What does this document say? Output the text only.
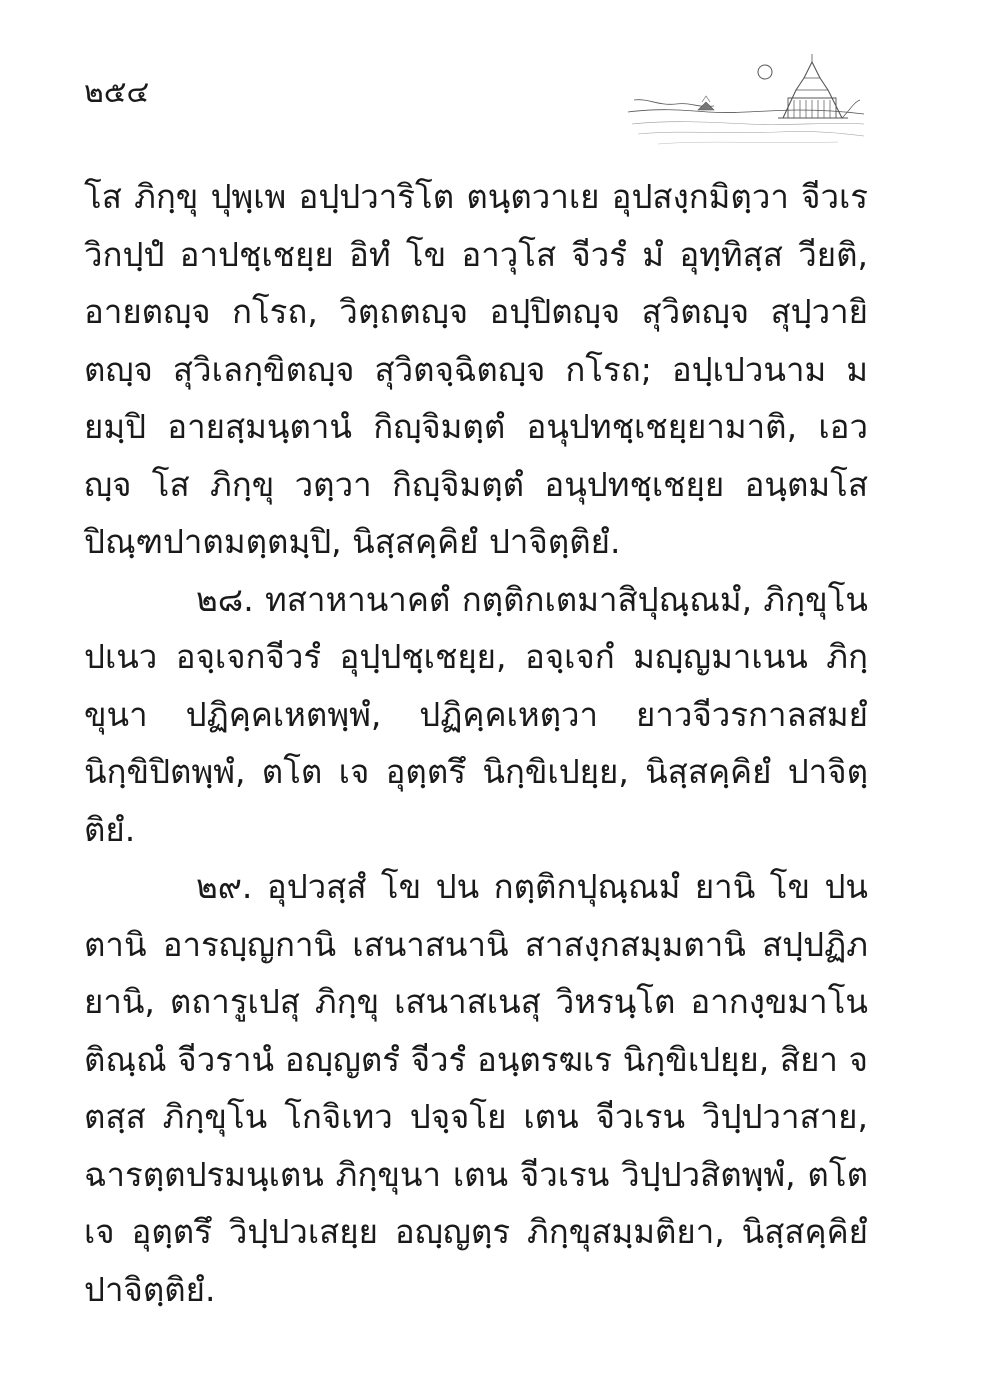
๒๕๔

โส ภิกฺขุ ปุพฺเพ อปฺปวาริโต ตนฺตวาเย อุปสงฺกมิตฺวา จีวเร วิกปฺปํ อาปชฺเชยฺย อิทํ โข อาวุโส จีวรํ มํ อุทฺทิสฺส วียติ, อายตญฺจ กโรถ, วิตฺถตญฺจ อปฺปิตญฺจ สุวิตญฺจ สุปฺวายิตญฺจ สุวิเลกฺขิตญฺจ สุวิตจฺฉิตญฺจ กโรถ; อปฺเปวนาม มยมฺปิ อายสฺมนฺตานํ กิญฺจิมตฺตํ อนุปทชฺเชยฺยามาติ, เอวญฺจ โส ภิกฺขุ วตฺวา กิญฺจิมตฺตํ อนุปทชฺเชยฺย อนฺตมโส ปิณฺฑปาตมตฺตมฺปิ, นิสฺสคฺคิยํ ปาจิตฺติยํ.

๒๘. ทสาหานาคตํ กตฺติกเตมาสิปุณฺณมํ, ภิกฺขุโน ปเนว อจฺเจกจีวรํ อุปฺปชฺเชยฺย, อจฺเจกํ มญฺญมาเนน ภิกฺขุนา ปฏิคฺคเหตพฺพํ, ปฏิคฺคเหตฺวา ยาวจีวรกาลสมยํ นิกฺขิปิตพฺพํ, ตโต เจ อุตฺตรึ นิกฺขิเปยฺย, นิสฺสคฺคิยํ ปาจิตฺติยํ.

๒๙. อุปวสฺสํ โข ปน กตฺติกปุณฺณมํ ยานิ โข ปน ตานิ อารญฺญกานิ เสนาสนานิ สาสงฺกสมฺมตานิ สปฺปฏิภยานิ, ตถารูเปสุ ภิกฺขุ เสนาสเนสุ วิหรนฺโต อากงฺขมาโน ติณฺณํ จีวรานํ อญฺญตรํ จีวรํ อนฺตรฆเร นิกฺขิเปยฺย, สิยา จ ตสฺส ภิกฺขุโน โกจิเทว ปจฺจโย เตน จีวเรน วิปฺปวาสาย, ฉารตฺตปรมนฺเตน ภิกฺขุนา เตน จีวเรน วิปฺปวสิตพฺพํ, ตโต เจ อุตฺตรึ วิปฺปวเสยฺย อญฺญตฺร ภิกฺขุสมฺมติยา, นิสฺสคฺคิยํ ปาจิตฺติยํ.
